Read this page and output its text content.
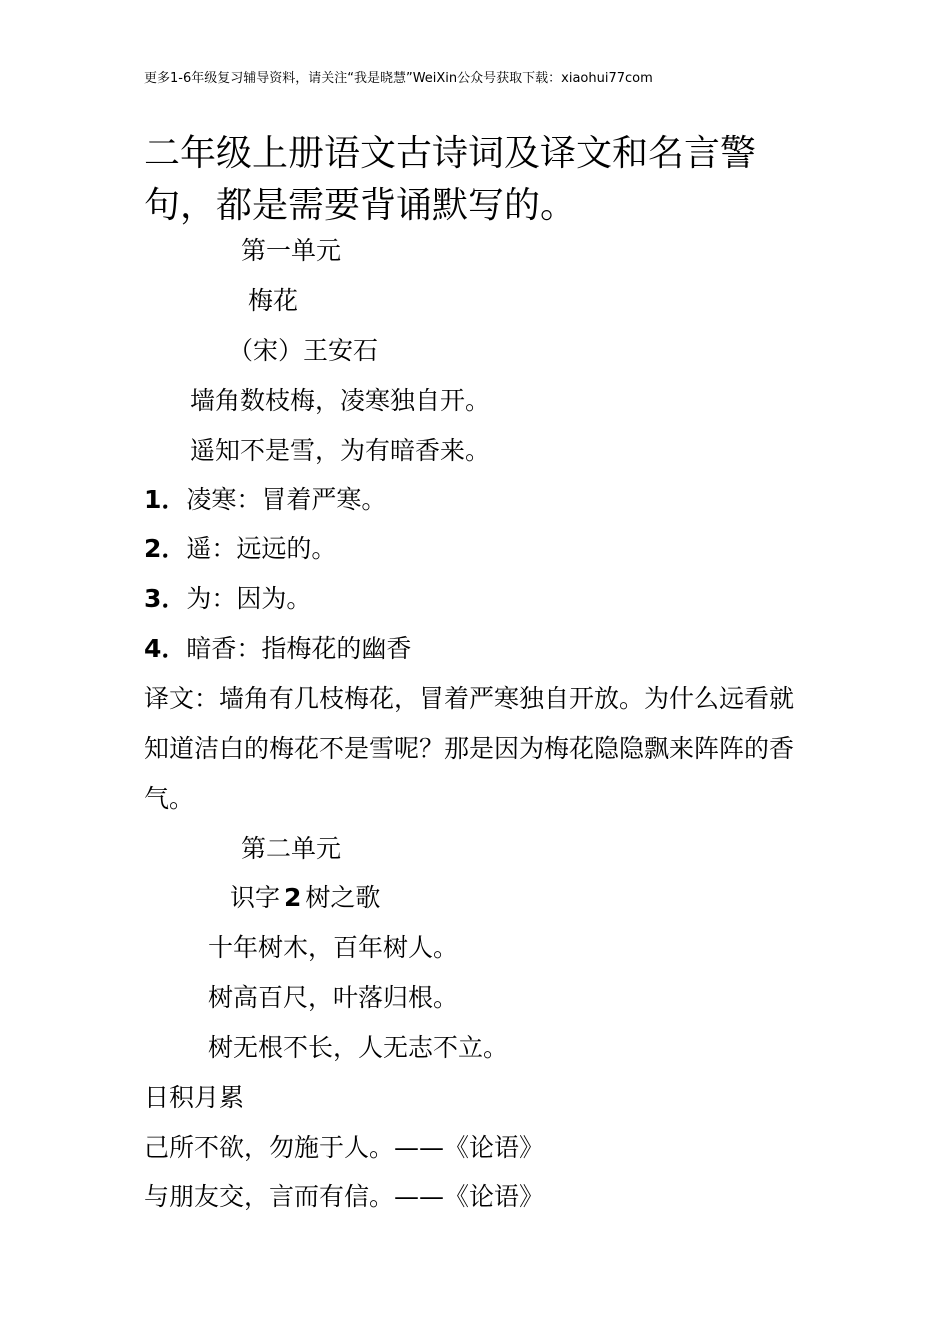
更多1-6年级复习辅导资料，请关注“我是晓慧”WeiXin公众号获取下载：xiaohui77com
二年级上册语文古诗词及译文和名言警句，都是需要背诵默写的。
第一单元
梅花
（宋）王安石
墙角数枝梅，凌寒独自开。
遥知不是雪，为有暗香来。
1．凌寒：冒着严寒。
2．遥：远远的。
3．为：因为。
4．暗香：指梅花的幽香
译文：墙角有几枝梅花，冒着严寒独自开放。为什么远看就知道洁白的梅花不是雪呢？那是因为梅花隐隐飘来阵阵的香气。
第二单元
识字 2 树之歌
十年树木，百年树人。
树高百尺，叶落归根。
树无根不长，人无志不立。
日积月累
己所不欲，勿施于人。——《论语》
与朋友交，言而有信。——《论语》
